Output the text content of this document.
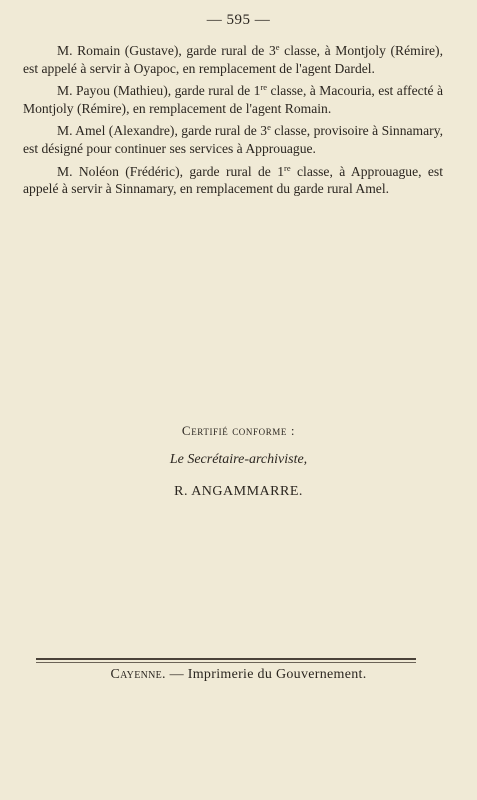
— 595 —

M. Romain (Gustave), garde rural de 3e classe, à Montjoly (Rémire), est appelé à servir à Oyapoc, en remplacement de l'agent Dardel.

M. Payou (Mathieu), garde rural de 1re classe, à Macouria, est affecté à Montjoly (Rémire), en remplacement de l'agent Romain.

M. Amel (Alexandre), garde rural de 3e classe, provisoire à Sinnamary, est désigné pour continuer ses services à Approuague.

M. Noléon (Frédéric), garde rural de 1re classe, à Approuague, est appelé à servir à Sinnamary, en remplacement du garde rural Amel.

Certifié conforme :
Le Secrétaire-archiviste,
R. ANGAMMARRE.
Cayenne. — Imprimerie du Gouvernement.
